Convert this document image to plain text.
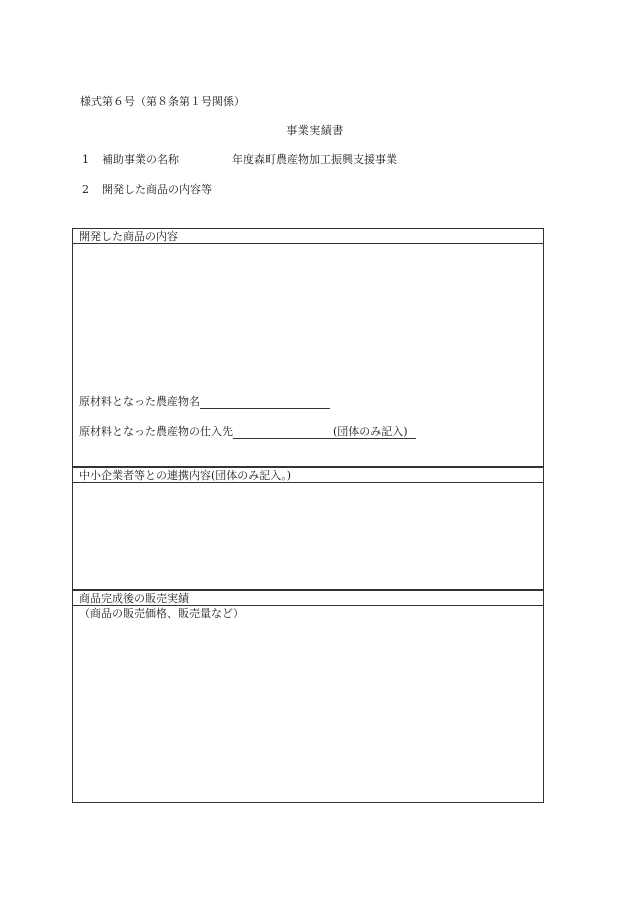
様式第６号（第８条第１号関係）
事業実績書
1 補助事業の名称	年度森町農産物加工振興支援事業
2 開発した商品の内容等
開発した商品の内容
原材料となった農産物名
原材料となった農産物の仕入先	(団体のみ記入)
中小企業者等との連携内容(団体のみ記入。)
商品完成後の販売実績
（商品の販売価格、販売量など）
